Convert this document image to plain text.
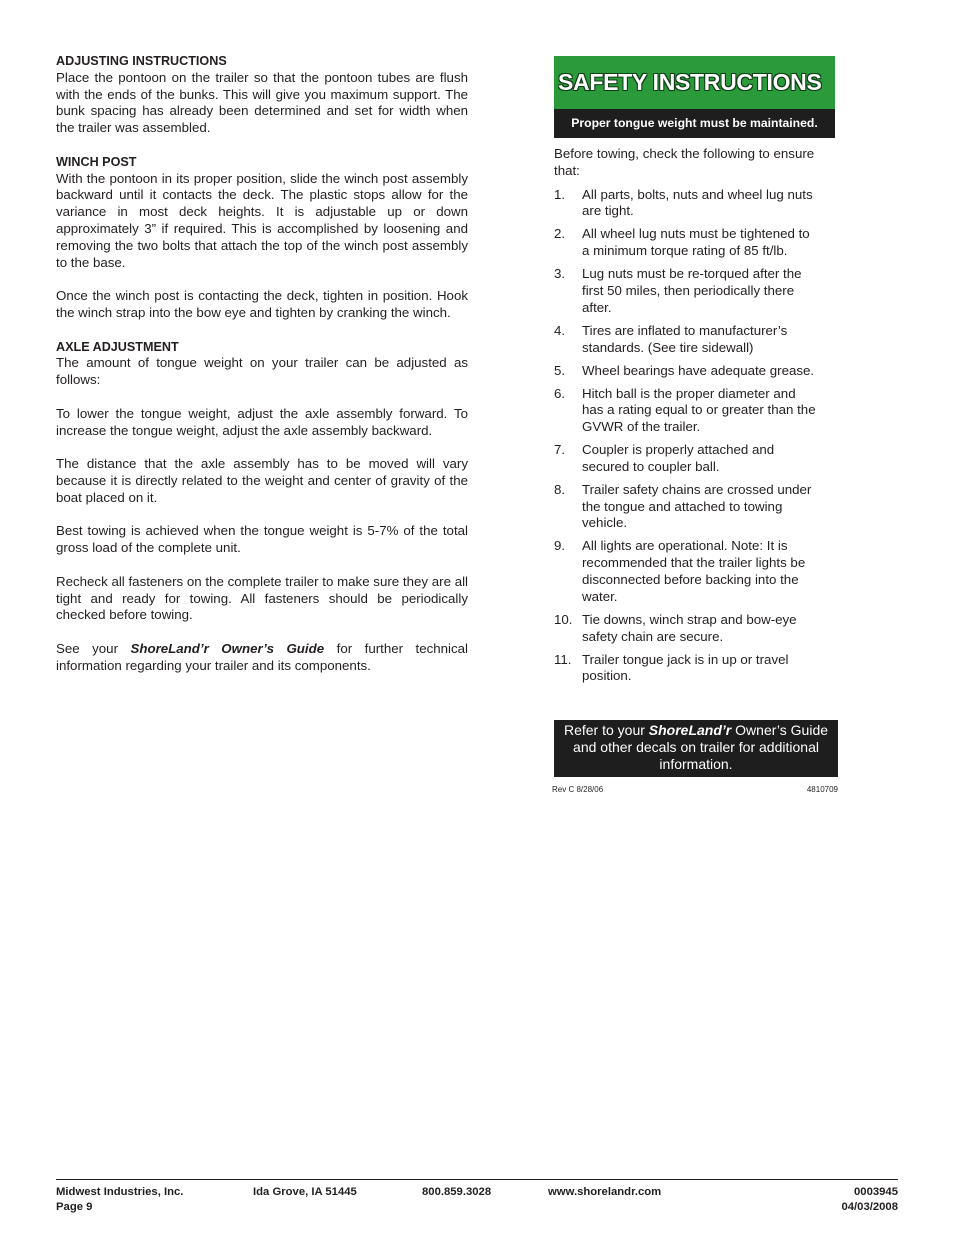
ADJUSTING INSTRUCTIONS

Place the pontoon on the trailer so that the pontoon tubes are flush with the ends of the bunks. This will give you maximum support. The bunk spacing has already been determined and set for width when the trailer was assembled.

WINCH POST

With the pontoon in its proper position, slide the winch post assembly backward until it contacts the deck. The plastic stops allow for the variance in most deck heights. It is adjustable up or down approximately 3” if required. This is accomplished by loosening and removing the two bolts that attach the top of the winch post assembly to the base.

Once the winch post is contacting the deck, tighten in position. Hook the winch strap into the bow eye and tighten by cranking the winch.

AXLE ADJUSTMENT

The amount of tongue weight on your trailer can be adjusted as follows:

To lower the tongue weight, adjust the axle assembly forward. To increase the tongue weight, adjust the axle assembly backward.

The distance that the axle assembly has to be moved will vary because it is directly related to the weight and center of gravity of the boat placed on it.

Best towing is achieved when the tongue weight is 5-7% of the total gross load of the complete unit.

Recheck all fasteners on the complete trailer to make sure they are all tight and ready for towing. All fasteners should be periodically checked before towing.

See your ShoreLand’r Owner’s Guide for further technical information regarding your trailer and its components.

SAFETY INSTRUCTIONS
Proper tongue weight must be maintained.

Before towing, check the following to ensure that:

1.	All parts, bolts, nuts and wheel lug nuts are tight.
2.	All wheel lug nuts must be tightened to a minimum torque rating of 85 ft/lb.
3.	Lug nuts must be re-torqued after the first 50 miles, then periodically there after.
4.	Tires are inflated to manufacturer’s standards. (See tire sidewall)
5.	Wheel bearings have adequate grease.
6.	Hitch ball is the proper diameter and has a rating equal to or greater than the GVWR of the trailer.
7.	Coupler is properly attached and secured to coupler ball.
8.	Trailer safety chains are crossed under the tongue and attached to towing vehicle.
9.	All lights are operational. Note: It is recommended that the trailer lights be disconnected before backing into the water.
10. Tie downs, winch strap and bow-eye safety chain are secure.
11. Trailer tongue jack is in up or travel position.
Refer to your ShoreLand’r Owner’s Guide and other decals on trailer for additional information.
Rev C 8/28/06	4810709
Midwest Industries, Inc.
Page 9
Ida Grove, IA 51445	800.859.3028	www.shorelandr.com	0003945
04/03/2008
